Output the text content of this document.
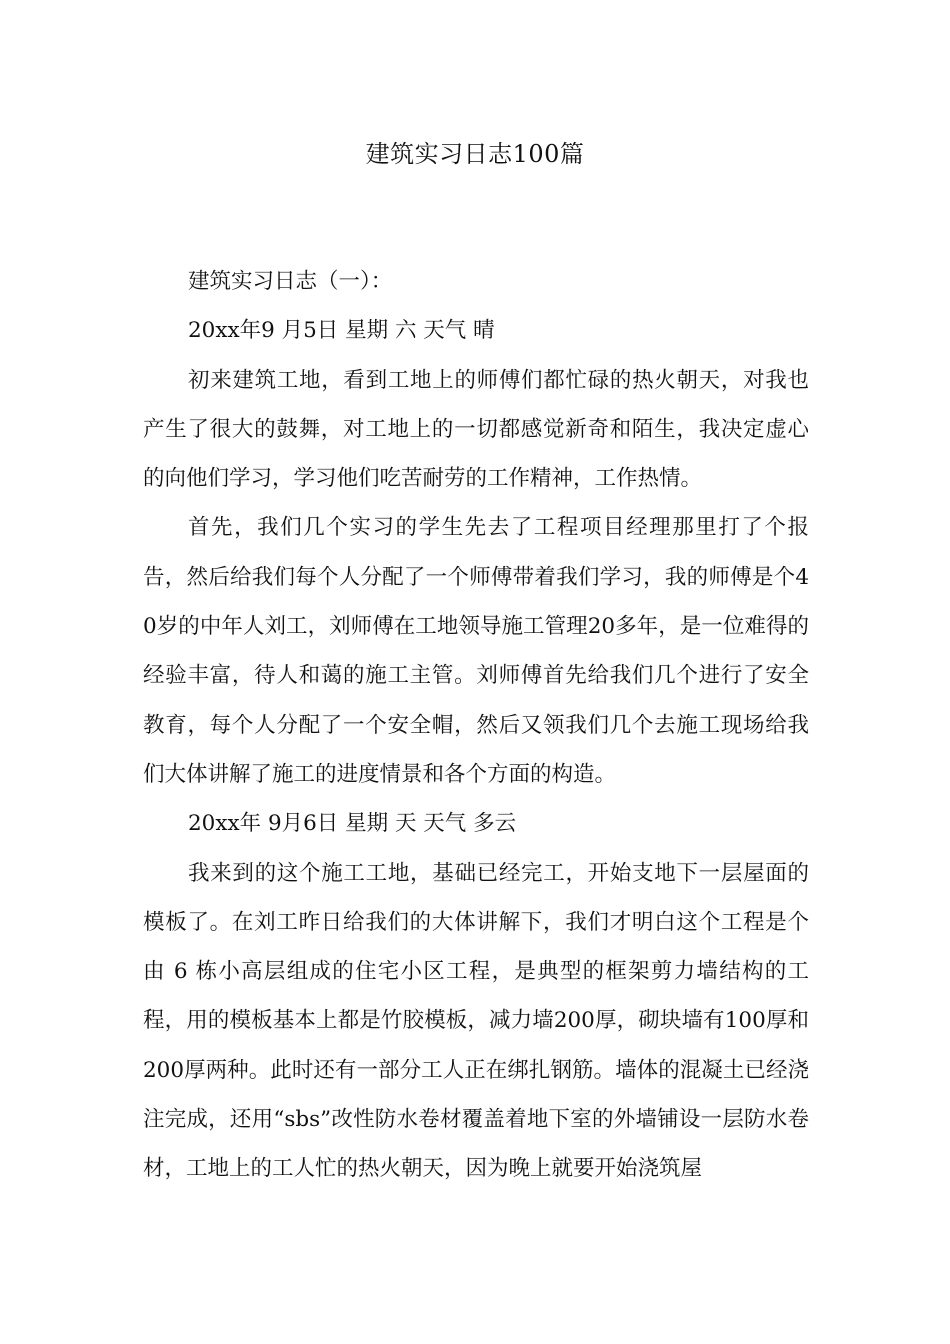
建筑实习日志100篇

建筑实习日志（一）：

20xx年9 月5日 星期 六 天气 晴

初来建筑工地，看到工地上的师傅们都忙碌的热火朝天，对我也产生了很大的鼓舞，对工地上的一切都感觉新奇和陌生，我决定虚心的向他们学习，学习他们吃苦耐劳的工作精神，工作热情。

首先，我们几个实习的学生先去了工程项目经理那里打了个报告，然后给我们每个人分配了一个师傅带着我们学习，我的师傅是个40岁的中年人刘工，刘师傅在工地领导施工管理20多年，是一位难得的经验丰富，待人和蔼的施工主管。刘师傅首先给我们几个进行了安全教育，每个人分配了一个安全帽，然后又领我们几个去施工现场给我们大体讲解了施工的进度情景和各个方面的构造。

20xx年 9月6日 星期 天 天气 多云

我来到的这个施工工地，基础已经完工，开始支地下一层屋面的模板了。在刘工昨日给我们的大体讲解下，我们才明白这个工程是个由 6 栋小高层组成的住宅小区工程，是典型的框架剪力墙结构的工程，用的模板基本上都是竹胶模板，减力墙200厚，砌块墙有100厚和200厚两种。此时还有一部分工人正在绑扎钢筋。墙体的混凝土已经浇注完成，还用“sbs”改性防水卷材覆盖着地下室的外墙铺设一层防水卷材，工地上的工人忙的热火朝天，因为晚上就要开始浇筑屋
